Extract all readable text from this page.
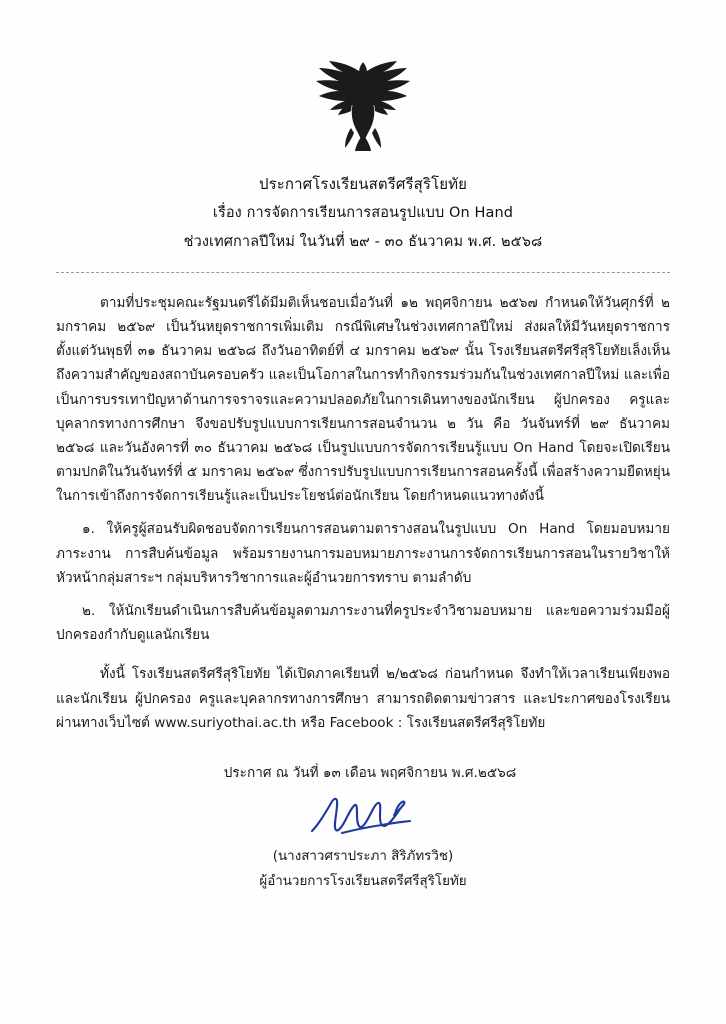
ประกาศโรงเรียนสตรีศรีสุริโยทัย
เรื่อง การจัดการเรียนการสอนรูปแบบ On Hand
ช่วงเทศกาลปีใหม่ ในวันที่ ๒๙ - ๓๐ ธันวาคม พ.ศ. ๒๕๖๘

ตามที่ประชุมคณะรัฐมนตรีได้มีมติเห็นชอบเมื่อวันที่ ๑๒ พฤศจิกายน ๒๕๖๗ กำหนดให้วันศุกร์ที่ ๒ มกราคม ๒๕๖๙ เป็นวันหยุดราชการเพิ่มเติม กรณีพิเศษในช่วงเทศกาลปีใหม่ ส่งผลให้มีวันหยุดราชการตั้งแต่วันพุธที่ ๓๑ ธันวาคม ๒๕๖๘ ถึงวันอาทิตย์ที่ ๔ มกราคม ๒๕๖๙ นั้น โรงเรียนสตรีศรีสุริโยทัยเล็งเห็นถึงความสำคัญของสถาบันครอบครัว และเป็นโอกาสในการทำกิจกรรมร่วมกันในช่วงเทศกาลปีใหม่ และเพื่อเป็นการบรรเทาปัญหาด้านการจราจรและความปลอดภัยในการเดินทางของนักเรียน ผู้ปกครอง ครูและบุคลากรทางการศึกษา จึงขอปรับรูปแบบการเรียนการสอนจำนวน ๒ วัน คือ วันจันทร์ที่ ๒๙ ธันวาคม ๒๕๖๘ และวันอังคารที่ ๓๐ ธันวาคม ๒๕๖๘ เป็นรูปแบบการจัดการเรียนรู้แบบ On Hand โดยจะเปิดเรียนตามปกติในวันจันทร์ที่ ๕ มกราคม ๒๕๖๙ ซึ่งการปรับรูปแบบการเรียนการสอนครั้งนี้ เพื่อสร้างความยืดหยุ่นในการเข้าถึงการจัดการเรียนรู้และเป็นประโยชน์ต่อนักเรียน โดยกำหนดแนวทางดังนี้

๑. ให้ครูผู้สอนรับผิดชอบจัดการเรียนการสอนตามตารางสอนในรูปแบบ On Hand โดยมอบหมายภาระงาน การสืบค้นข้อมูล พร้อมรายงานการมอบหมายภาระงานการจัดการเรียนการสอนในรายวิชาให้หัวหน้ากลุ่มสาระฯ กลุ่มบริหารวิชาการและผู้อำนวยการทราบ ตามลำดับ

๒. ให้นักเรียนดำเนินการสืบค้นข้อมูลตามภาระงานที่ครูประจำวิชามอบหมาย และขอความร่วมมือผู้ปกครองกำกับดูแลนักเรียน

ทั้งนี้ โรงเรียนสตรีศรีสุริโยทัย ได้เปิดภาคเรียนที่ ๒/๒๕๖๘ ก่อนกำหนด จึงทำให้เวลาเรียนเพียงพอ และนักเรียน ผู้ปกครอง ครูและบุคลากรทางการศึกษา สามารถติดตามข่าวสาร และประกาศของโรงเรียน ผ่านทางเว็บไซต์ www.suriyothai.ac.th หรือ Facebook : โรงเรียนสตรีศรีสุริโยทัย

ประกาศ ณ วันที่ ๑๓ เดือน พฤศจิกายน พ.ศ.๒๕๖๘
(นางสาวศราประภา สิริภัทรวิช)
ผู้อำนวยการโรงเรียนสตรีศรีสุริโยทัย
